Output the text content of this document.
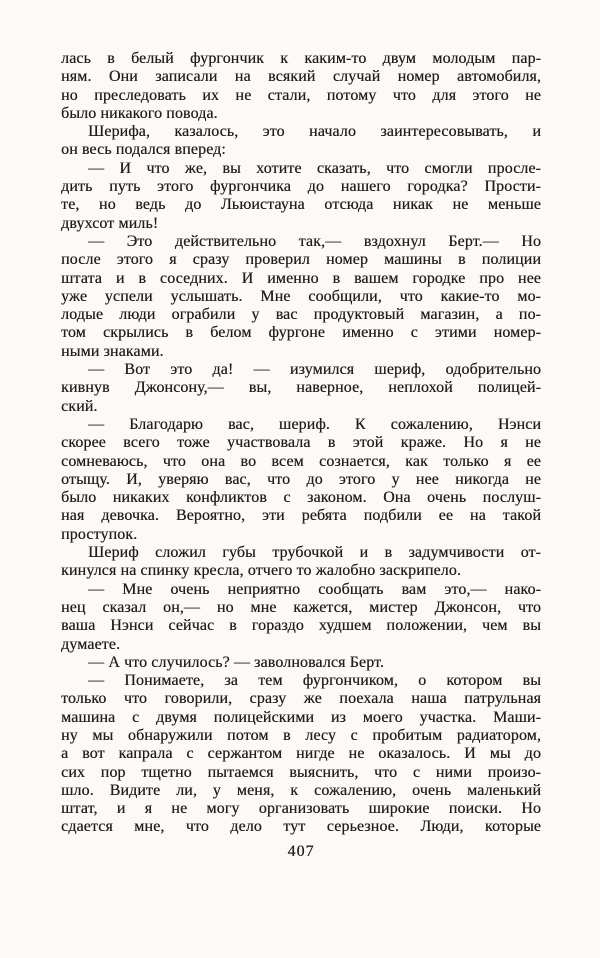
лась в белый фургончик к каким-то двум молодым пар-
ням. Они записали на всякий случай номер автомобиля,
но преследовать их не стали, потому что для этого не
было никакого повода.
Шерифа, казалось, это начало заинтересовывать, и
он весь подался вперед:
— И что же, вы хотите сказать, что смогли просле-
дить путь этого фургончика до нашего городка? Прости-
те, но ведь до Льюистауна отсюда никак не меньше
двухсот миль!
— Это действительно так,— вздохнул Берт.— Но
после этого я сразу проверил номер машины в полиции
штата и в соседних. И именно в вашем городке про нее
уже успели услышать. Мне сообщили, что какие-то мо-
лодые люди ограбили у вас продуктовый магазин, а по-
том скрылись в белом фургоне именно с этими номер-
ными знаками.
— Вот это да! — изумился шериф, одобрительно
кивнув Джонсону,— вы, наверное, неплохой полицей-
ский.
— Благодарю вас, шериф. К сожалению, Нэнси
скорее всего тоже участвовала в этой краже. Но я не
сомневаюсь, что она во всем сознается, как только я ее
отыщу. И, уверяю вас, что до этого у нее никогда не
было никаких конфликтов с законом. Она очень послуш-
ная девочка. Вероятно, эти ребята подбили ее на такой
проступок.
Шериф сложил губы трубочкой и в задумчивости от-
кинулся на спинку кресла, отчего то жалобно заскрипело.
— Мне очень неприятно сообщать вам это,— нако-
нец сказал он,— но мне кажется, мистер Джонсон, что
ваша Нэнси сейчас в гораздо худшем положении, чем вы
думаете.
— А что случилось? — заволновался Берт.
— Понимаете, за тем фургончиком, о котором вы
только что говорили, сразу же поехала наша патрульная
машина с двумя полицейскими из моего участка. Маши-
ну мы обнаружили потом в лесу с пробитым радиатором,
а вот капрала с сержантом нигде не оказалось. И мы до
сих пор тщетно пытаемся выяснить, что с ними произо-
шло. Видите ли, у меня, к сожалению, очень маленький
штат, и я не могу организовать широкие поиски. Но
сдается мне, что дело тут серьезное. Люди, которые
407
